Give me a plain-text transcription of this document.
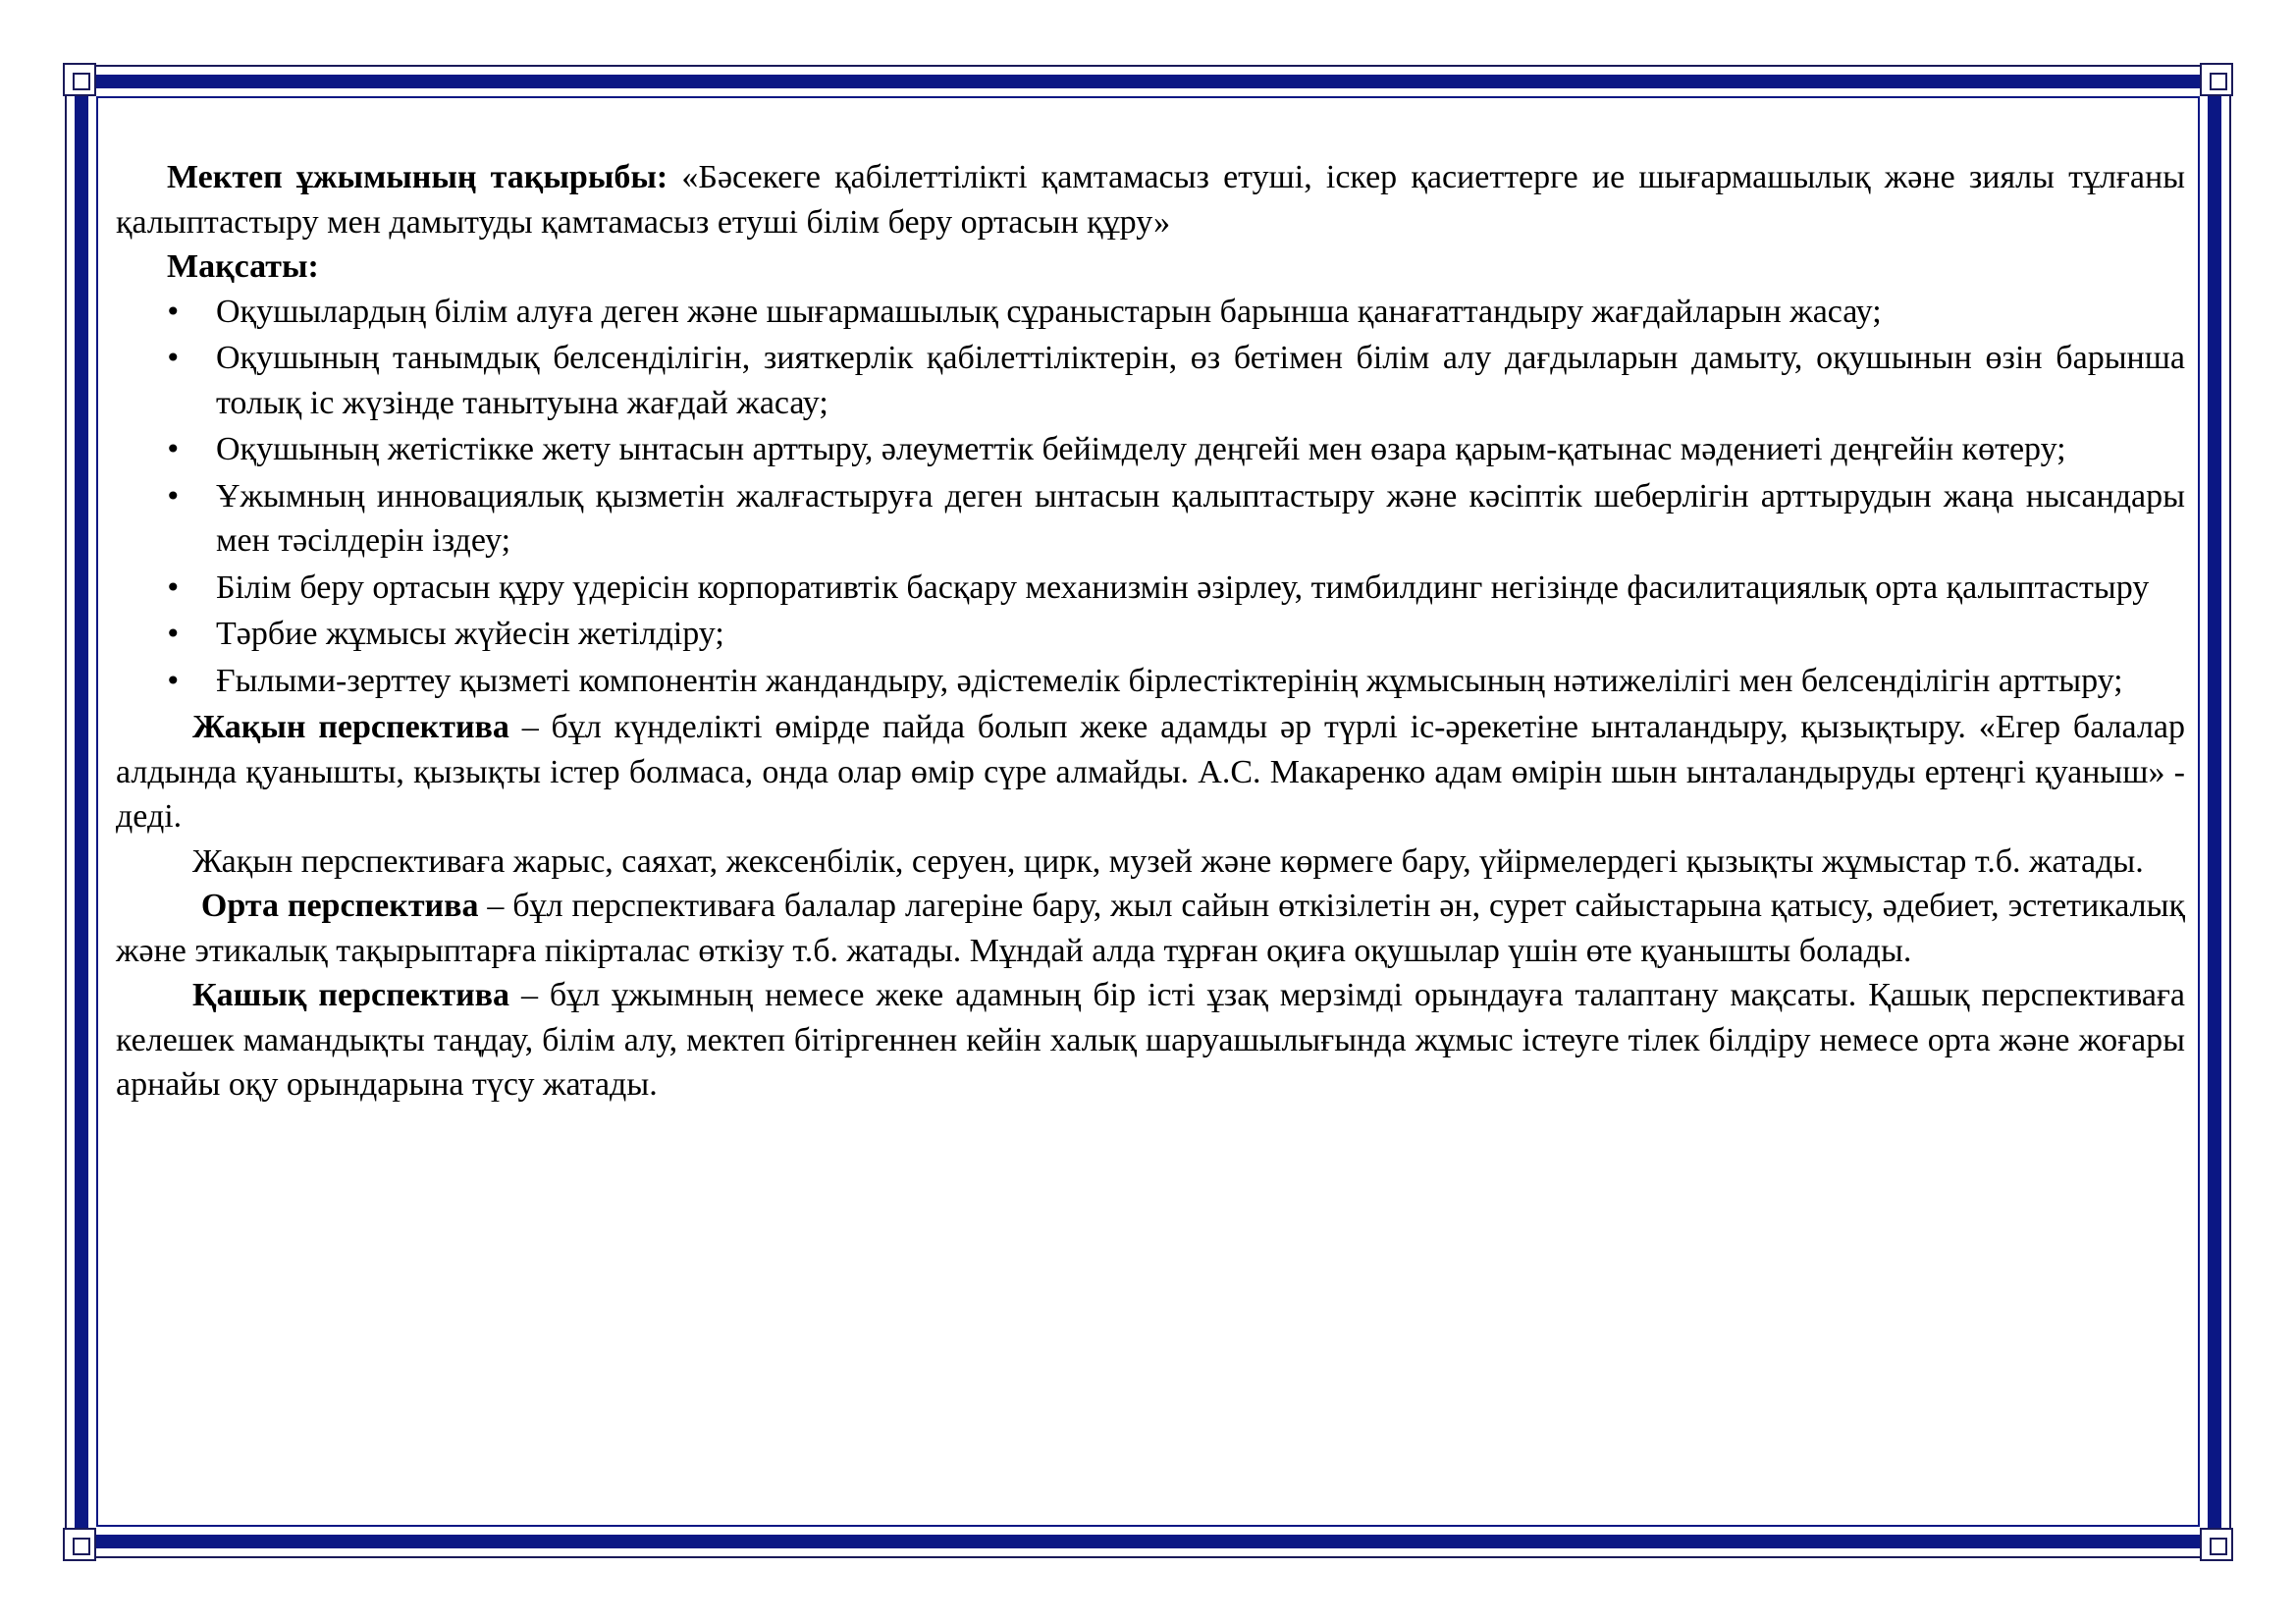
Мектеп ұжымының тақырыбы: «Бәсекеге қабілеттілікті қамтамасыз етуші, іскер қасиеттерге ие шығармашылық және зиялы тұлғаны қалыптастыру мен дамытуды қамтамасыз етуші білім беру ортасын құру»

Мақсаты:

• Оқушылардың білім алуға деген және шығармашылық сұраныстарын барынша қанағаттандыру жағдайларын жасау;
• Оқушының танымдық белсенділігін, зияткерлік қабілеттіліктерін, өз бетімен білім алу дағдыларын дамыту, оқушынын өзін барынша толық іс жүзінде танытуына жағдай жасау;
• Оқушының жетістікке жету ынтасын арттыру, әлеуметтік бейімделу деңгейі мен өзара қарым-қатынас мәдениеті деңгейін көтеру;
• Ұжымның инновациялық қызметін жалғастыруға деген ынтасын қалыптастыру және кәсіптік шеберлігін арттырудын жаңа нысандары мен тәсілдерін іздеу;
• Білім беру ортасын құру үдерісін корпоративтік басқару механизмін әзірлеу, тимбилдинг негізінде фасилитациялық орта қалыптастыру
• Тәрбие жұмысы жүйесін жетілдіру;
• Ғылыми-зерттеу қызметі компонентін жандандыру, әдістемелік бірлестіктерінің жұмысының нәтижелілігі мен белсенділігін арттыру;

Жақын перспектива – бұл күнделікті өмірде пайда болып жеке адамды әр түрлі іс-әрекетіне ынталандыру, қызықтыру. «Егер балалар алдында қуанышты, қызықты істер болмаса, онда олар өмір сүре алмайды. А.С. Макаренко адам өмірін шын ынталандыруды ертеңгі қуаныш» - деді.

Жақын перспективаға жарыс, саяхат, жексенбілік, серуен, цирк, музей және көрмеге бару, үйірмелердегі қызықты жұмыстар т.б. жатады.

Орта перспектива – бұл перспективаға балалар лагеріне бару, жыл сайын өткізілетін ән, сурет сайыстарына қатысу, әдебиет, эстетикалық және этикалық тақырыптарға пікірталас өткізу т.б. жатады. Мұндай алда тұрған оқиға оқушылар үшін өте қуанышты болады.

Қашық перспектива – бұл ұжымның немесе жеке адамның бір істі ұзақ мерзімді орындауға талаптану мақсаты. Қашық перспективаға келешек мамандықты таңдау, білім алу, мектеп бітіргеннен кейін халық шаруашылығында жұмыс істеуге тілек білдіру немесе орта және жоғары арнайы оқу орындарына түсу жатады.
